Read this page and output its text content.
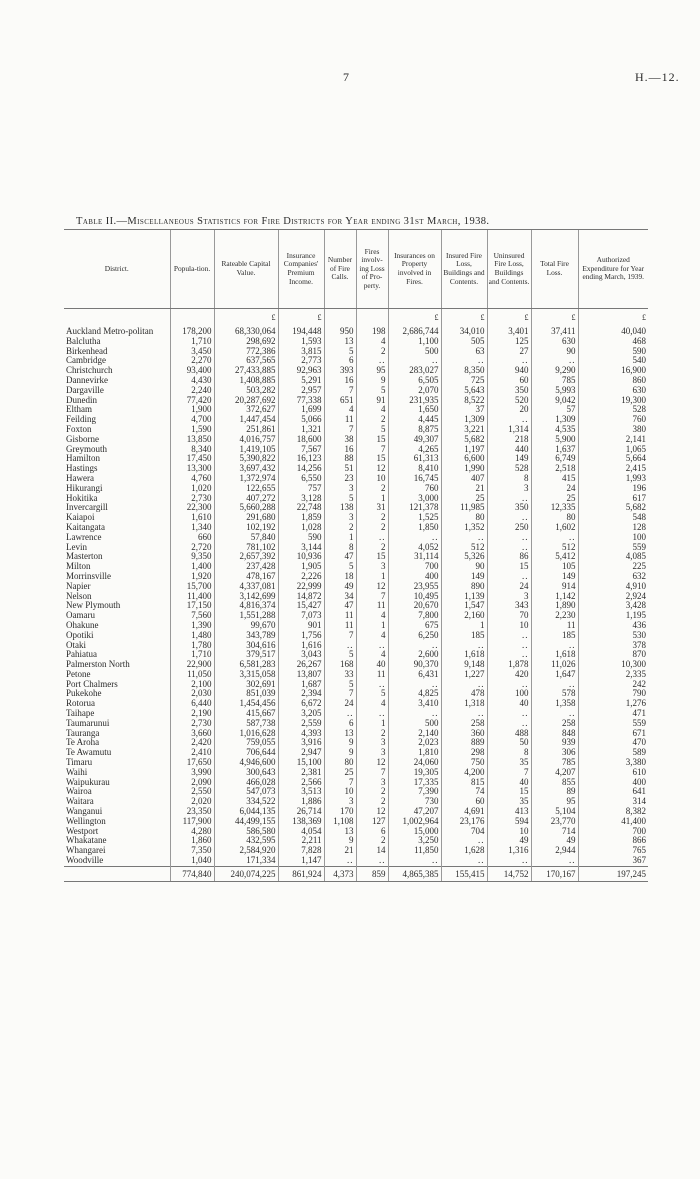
7	H.—12.
Table II.—Miscellaneous Statistics for Fire Districts for Year ending 31st March, 1938.
District.	Popula-tion.	Rateable Capital Value.	Insurance Companies' Premium Income.	Number of Fire Calls.	Fires involv-ing Loss of Pro-perty.	Insurances on Property involved in Fires.	Insured Fire Loss, Buildings and Contents.	Uninsured Fire Loss, Buildings and Contents.	Total Fire Loss.	Authorized Expenditure for Year ending March, 1939.
		£	£			£	£	£	£	£
Auckland Metro-politan	178,200	68,330,064	194,448	950	198	2,686,744	34,010	3,401	37,411	40,040
Balclutha	1,710	298,692	1,593	13	4	1,100	505	125	630	468
Birkenhead	3,450	772,386	3,815	5	2	500	63	27	90	590
Cambridge	2,270	637,565	2,773	6	..	..	..	..	..	540
Christchurch	93,400	27,433,885	92,963	393	95	283,027	8,350	940	9,290	16,900
Dannevirke	4,430	1,408,885	5,291	16	9	6,505	725	60	785	860
Dargaville	2,240	503,282	2,957	7	5	2,070	5,643	350	5,993	630
Dunedin	77,420	20,287,692	77,338	651	91	231,935	8,522	520	9,042	19,300
Eltham	1,900	372,627	1,699	4	4	1,650	37	20	57	528
Feilding	4,700	1,447,454	5,066	11	2	4,445	1,309	..	1,309	760
Foxton	1,590	251,861	1,321	7	5	8,875	3,221	1,314	4,535	380
Gisborne	13,850	4,016,757	18,600	38	15	49,307	5,682	218	5,900	2,141
Greymouth	8,340	1,419,105	7,567	16	7	4,265	1,197	440	1,637	1,065
Hamilton	17,450	5,390,822	16,123	88	15	61,313	6,600	149	6,749	5,664
Hastings	13,300	3,697,432	14,256	51	12	8,410	1,990	528	2,518	2,415
Hawera	4,760	1,372,974	6,550	23	10	16,745	407	8	415	1,993
Hikurangi	1,020	122,655	757	3	2	760	21	3	24	196
Hokitika	2,730	407,272	3,128	5	1	3,000	25	..	25	617
Invercargill	22,300	5,660,288	22,748	138	31	121,378	11,985	350	12,335	5,682
Kaiapoi	1,610	291,680	1,859	3	2	1,525	80	..	80	548
Kaitangata	1,340	102,192	1,028	2	2	1,850	1,352	250	1,602	128
Lawrence	660	57,840	590	1	..	..	..	..	..	100
Levin	2,720	781,102	3,144	8	2	4,052	512	..	512	559
Masterton	9,350	2,657,392	10,936	47	15	31,114	5,326	86	5,412	4,085
Milton	1,400	237,428	1,905	5	3	700	90	15	105	225
Morrinsville	1,920	478,167	2,226	18	1	400	149	..	149	632
Napier	15,700	4,337,081	22,999	49	12	23,955	890	24	914	4,910
Nelson	11,400	3,142,699	14,872	34	7	10,495	1,139	3	1,142	2,924
New Plymouth	17,150	4,816,374	15,427	47	11	20,670	1,547	343	1,890	3,428
Oamaru	7,560	1,551,288	7,073	11	4	7,800	2,160	70	2,230	1,195
Ohakune	1,390	99,670	901	11	1	675	1	10	11	436
Opotiki	1,480	343,789	1,756	7	4	6,250	185	..	185	530
Otaki	1,780	304,616	1,616	..	..	..	..	..	..	378
Pahiatua	1,710	379,517	3,043	5	4	2,600	1,618	..	1,618	870
Palmerston North	22,900	6,581,283	26,267	168	40	90,370	9,148	1,878	11,026	10,300
Petone	11,050	3,315,058	13,807	33	11	6,431	1,227	420	1,647	2,335
Port Chalmers	2,100	302,691	1,687	5	..	..	..	..	..	242
Pukekohe	2,030	851,039	2,394	7	5	4,825	478	100	578	790
Rotorua	6,440	1,454,456	6,672	24	4	3,410	1,318	40	1,358	1,276
Taihape	2,190	415,667	3,205	..	..	..	..	..	..	471
Taumarunui	2,730	587,738	2,559	6	1	500	258	..	258	559
Tauranga	3,660	1,016,628	4,393	13	2	2,140	360	488	848	671
Te Aroha	2,420	759,055	3,916	9	3	2,023	889	50	939	470
Te Awamutu	2,410	706,644	2,947	9	3	1,810	298	8	306	589
Timaru	17,650	4,946,600	15,100	80	12	24,060	750	35	785	3,380
Waihi	3,990	300,643	2,381	25	7	19,305	4,200	7	4,207	610
Waipukurau	2,090	466,028	2,566	7	3	17,335	815	40	855	400
Wairoa	2,550	547,073	3,513	10	2	7,390	74	15	89	641
Waitara	2,020	334,522	1,886	3	2	730	60	35	95	314
Wanganui	23,350	6,044,135	26,714	170	12	47,207	4,691	413	5,104	8,382
Wellington	117,900	44,499,155	138,369	1,108	127	1,002,964	23,176	594	23,770	41,400
Westport	4,280	586,580	4,054	13	6	15,000	704	10	714	700
Whakatane	1,860	432,595	2,211	9	2	3,250	..	49	49	866
Whangarei	7,350	2,584,920	7,828	21	14	11,850	1,628	1,316	2,944	765
Woodville	1,040	171,334	1,147	..	..	..	..	..	..	367
	774,840	240,074,225	861,924	4,373	859	4,865,385	155,415	14,752	170,167	197,245
